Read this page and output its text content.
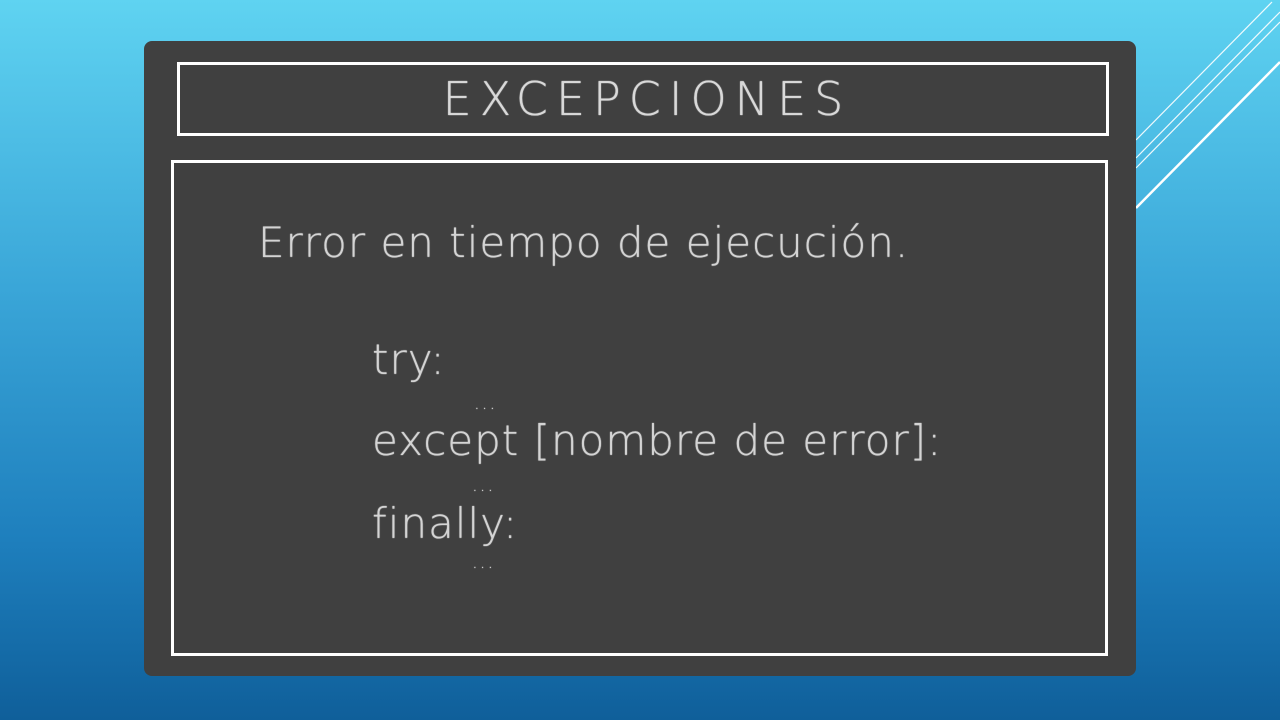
EXCEPCIONES
Error en tiempo de ejecución.
try:
...
except [nombre de error]:
...
finally:
...
